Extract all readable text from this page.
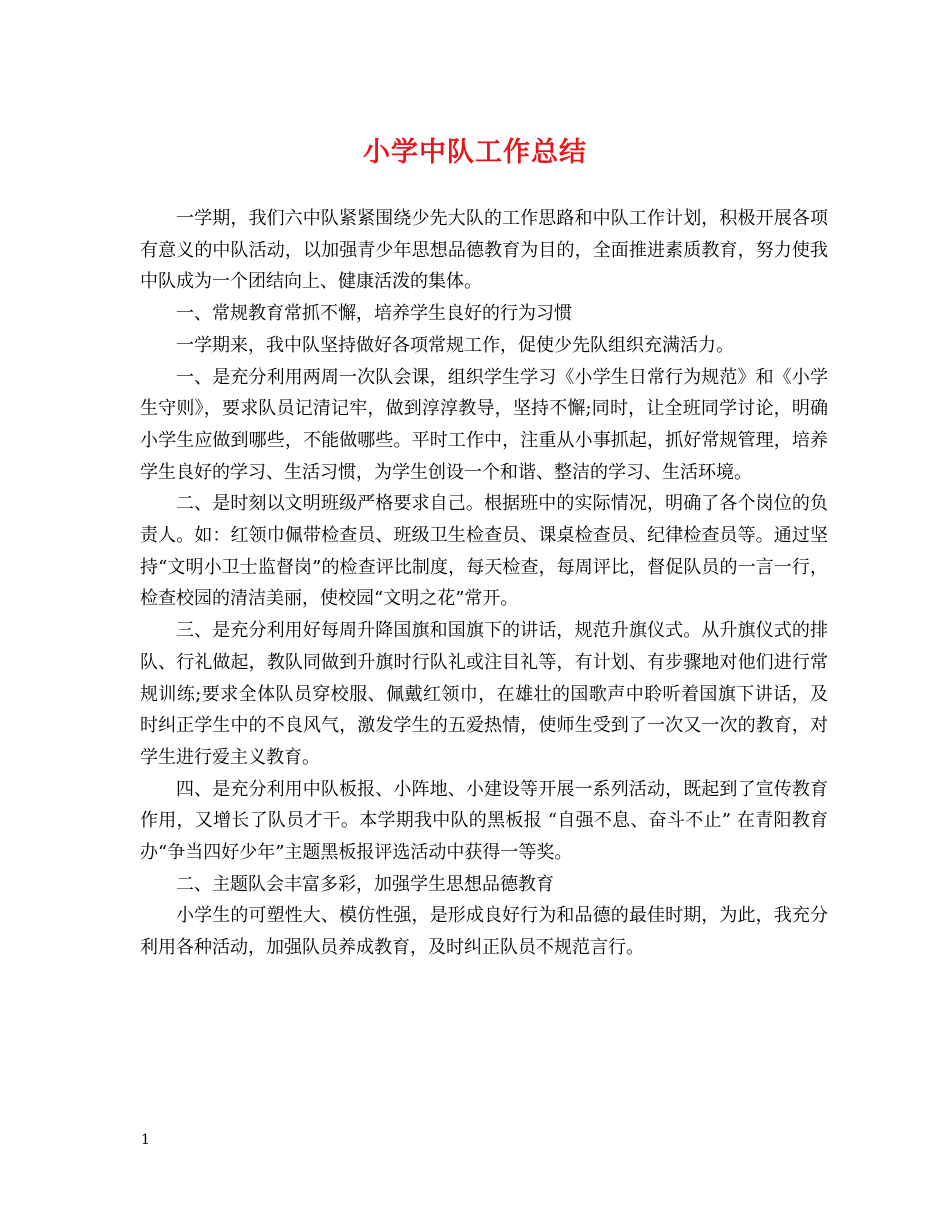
小学中队工作总结

一学期，我们六中队紧紧围绕少先大队的工作思路和中队工作计划，积极开展各项有意义的中队活动，以加强青少年思想品德教育为目的，全面推进素质教育，努力使我中队成为一个团结向上、健康活泼的集体。

一、常规教育常抓不懈，培养学生良好的行为习惯

一学期来，我中队坚持做好各项常规工作，促使少先队组织充满活力。

一、是充分利用两周一次队会课，组织学生学习《小学生日常行为规范》和《小学生守则》，要求队员记清记牢，做到淳淳教导，坚持不懈;同时，让全班同学讨论，明确小学生应做到哪些，不能做哪些。平时工作中，注重从小事抓起，抓好常规管理，培养学生良好的学习、生活习惯，为学生创设一个和谐、整洁的学习、生活环境。

二、是时刻以文明班级严格要求自己。根据班中的实际情况，明确了各个岗位的负责人。如：红领巾佩带检查员、班级卫生检查员、课桌检查员、纪律检查员等。通过坚持“文明小卫士监督岗”的检查评比制度，每天检查，每周评比，督促队员的一言一行，检查校园的清洁美丽，使校园“文明之花”常开。

三、是充分利用好每周升降国旗和国旗下的讲话，规范升旗仪式。从升旗仪式的排队、行礼做起，教队同做到升旗时行队礼或注目礼等，有计划、有步骤地对他们进行常规训练;要求全体队员穿校服、佩戴红领巾，在雄壮的国歌声中聆听着国旗下讲话，及时纠正学生中的不良风气，激发学生的五爱热情，使师生受到了一次又一次的教育，对学生进行爱主义教育。

四、是充分利用中队板报、小阵地、小建设等开展一系列活动，既起到了宣传教育作用，又增长了队员才干。本学期我中队的黑板报 “自强不息、奋斗不止” 在青阳教育办“争当四好少年”主题黑板报评选活动中获得一等奖。

二、主题队会丰富多彩，加强学生思想品德教育

小学生的可塑性大、模仿性强，是形成良好行为和品德的最佳时期，为此，我充分利用各种活动，加强队员养成教育，及时纠正队员不规范言行。

1
